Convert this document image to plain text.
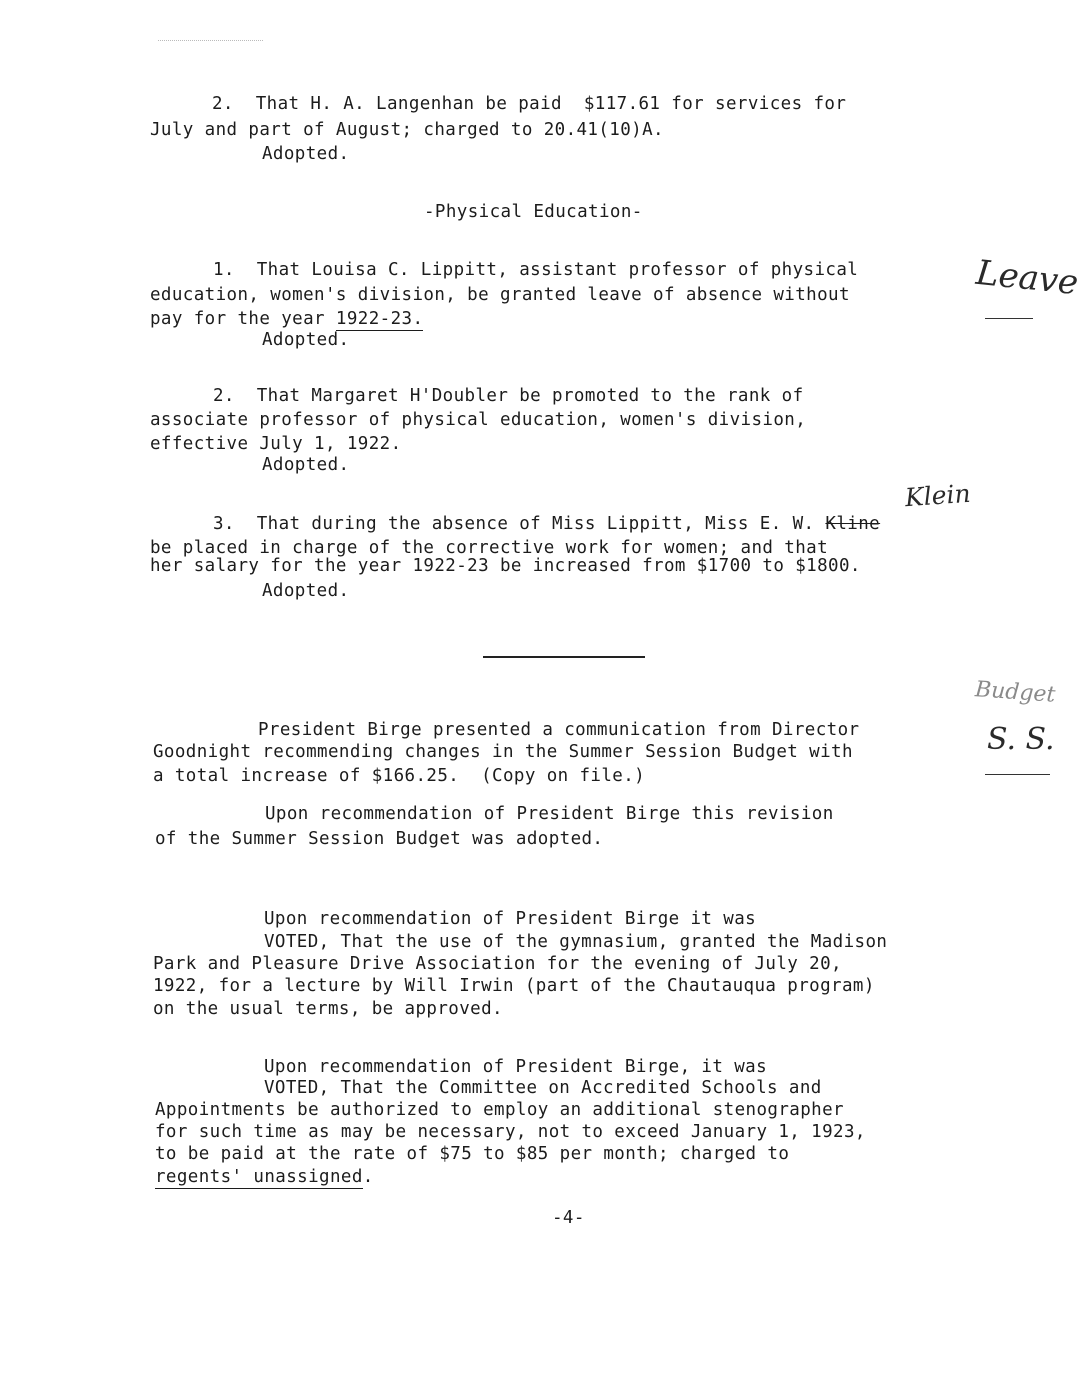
2.  That H. A. Langenhan be paid  $117.61 for services for
July and part of August; charged to 20.41(10)A.
Adopted.
-Physical Education-
1.  That Louisa C. Lippitt, assistant professor of physical
education, women's division, be granted leave of absence without
pay for the year 1922-23.
Adopted.
2.  That Margaret H'Doubler be promoted to the rank of
associate professor of physical education, women's division,
effective July 1, 1922.
Adopted.
3.  That during the absence of Miss Lippitt, Miss E. W. Kline
be placed in charge of the corrective work for women; and that
her salary for the year 1922-23 be increased from $1700 to $1800.
Adopted.
President Birge presented a communication from Director
Goodnight recommending changes in the Summer Session Budget with
a total increase of $166.25.  (Copy on file.)
Upon recommendation of President Birge this revision
of the Summer Session Budget was adopted.
Upon recommendation of President Birge it was
VOTED, That the use of the gymnasium, granted the Madison
Park and Pleasure Drive Association for the evening of July 20,
1922, for a lecture by Will Irwin (part of the Chautauqua program)
on the usual terms, be approved.
Upon recommendation of President Birge, it was
VOTED, That the Committee on Accredited Schools and
Appointments be authorized to employ an additional stenographer
for such time as may be necessary, not to exceed January 1, 1923,
to be paid at the rate of $75 to $85 per month; charged to
regents' unassigned.
-4-
Leave
Klein
Budget
S. S.
